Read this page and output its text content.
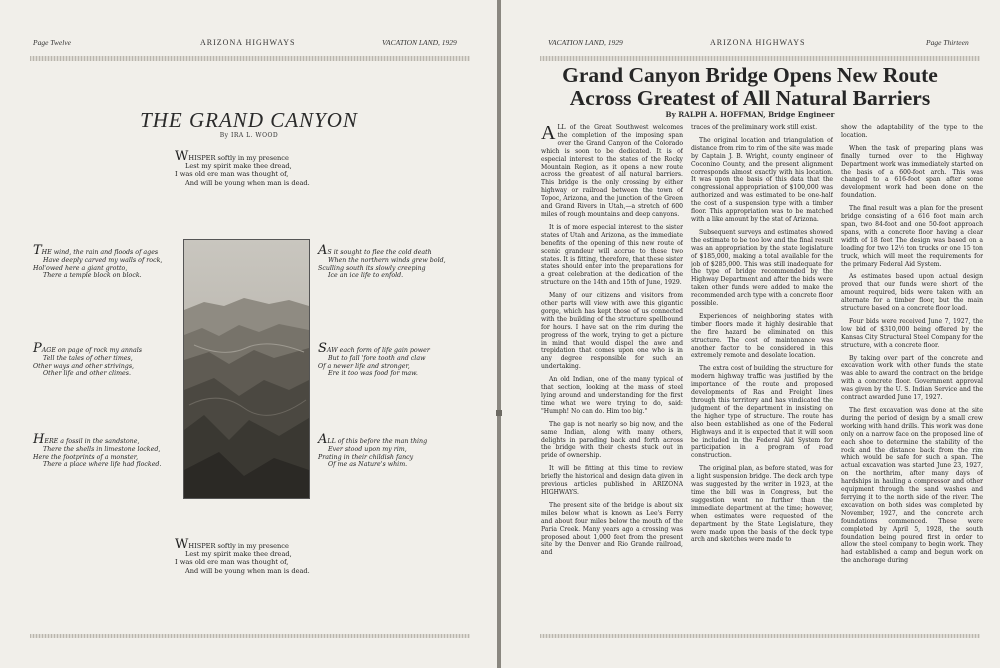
Page Twelve	ARIZONA HIGHWAYS	VACATION LAND, 1929
THE GRAND CANYON
By IRA L. WOOD
WHISPER softly in my presence
Lest my spirit make thee dread,
I was old ere man was thought of,
And will be young when man is dead.
THE wind, the rain and floods of ages
Have deeply carved my walls of rock,
Hol'owed here a giant grotto,
There a temple block on block.
AS it sought to flee the cold death
When the northern winds grew bold,
Sculling south its slowly creeping
Ice an ice life to enfold.
PAGE on page of rock my annals
Tell the tales of other times,
Other ways and other strivings,
Other life and other climes.
SAW each form of life gain power
But to fall 'fore tooth and claw
Of a newer life and stronger,
Ere it too was food for maw.
HERE a fossil in the sandstone,
There the shells in limestone locked,
Here the footprints of a monster,
There a place where life had flocked.
ALL of this before the man thing
Ever stood upon my rim,
Prating in their childish fancy
Of me as Nature's whim.
WHISPER softly in my presence
Lest my spirit make thee dread,
I was old ere man was thought of,
And will be young when man is dead.
VACATION LAND, 1929	ARIZONA HIGHWAYS	Page Thirteen
Grand Canyon Bridge Opens New Route
Across Greatest of All Natural Barriers
By RALPH A. HOFFMAN, Bridge Engineer

ALL of the Great Southwest welcomes the completion of the imposing span over the Grand Canyon of the Colorado which is soon to be dedicated. It is of especial interest to the states of the Rocky Mountain Region, as it opens a new route across the greatest of all natural barriers. This bridge is the only crossing by either highway or railroad between the town of Topoc, Arizona, and the junction of the Green and Grand Rivers in Utah,—a stretch of 600 miles of rough mountains and deep canyons.

It is of more especial interest to the sister states of Utah and Arizona, as the immediate benefits of the opening of this new route of scenic grandeur will accrue to these two states. It is fitting, therefore, that these sister states should enter into the preparations for a great celebration at the dedication of the structure on the 14th and 15th of June, 1929.

Many of our citizens and visitors from other parts will view with awe this gigantic gorge, which has kept those of us connected with the building of the structure spellbound for hours. I have sat on the rim during the progress of the work, trying to get a picture in mind that would dispel the awe and trepidation that comes upon one who is in any degree responsible for such an undertaking.

An old Indian, one of the many typical of that section, looking at the mass of steel lying around and understanding for the first time what we were trying to do, said: "Humph! No can do. Him too big."

The gap is not nearly so big now, and the same Indian, along with many others, delights in parading back and forth across the bridge with their chests stuck out in pride of ownership.

It will be fitting at this time to review briefly the historical and design data given in previous articles published in ARIZONA HIGHWAYS.

The present site of the bridge is about six miles below what is known as Lee's Ferry and about four miles below the mouth of the Paria Creek. Many years ago a crossing was proposed about 1,000 feet from the present site by the Denver and Rio Grande railroad, and

traces of the preliminary work still exist.

The original location and triangulation of distance from rim to rim of the site was made by Captain J. B. Wright, county engineer of Coconino County, and the present alignment corresponds almost exactly with his location. It was upon the basis of this data that the congressional appropriation of $100,000 was authorized and was estimated to be one-half the cost of a suspension type with a timber floor. This appropriation was to be matched with a like amount by the stat of Arizona.

Subsequent surveys and estimates showed the estimate to be too low and the final result was an appropriation by the state legislature of $185,000, making a total available for the job of $285,000. This was still inadequate for the type of bridge recommended by the Highway Department and after the bids were taken other funds were added to make the recommended arch type with a concrete floor possible.

Experiences of neighboring states with timber floors made it highly desirable that the fire hazard be eliminated on this structure. The cost of maintenance was another factor to be considered in this extremely remote and desolate location.

The extra cost of building the structure for modern highway traffic was justified by the importance of the route and proposed developments of Ras and Freight lines through this territory and has vindicated the judgment of the department in insisting on the higher type of structure. The route has also been established as one of the Federal Highways and it is expected that it will soon be included in the Federal Aid System for participation in a program of road construction.

The original plan, as before stated, was for a light suspension bridge. The deck arch type was suggested by the writer in 1923, at the time the bill was in Congress, but the suggestion went no further than the immediate department at the time; however, when estimates were requested of the department by the State Legislature, they were made upon the basis of the deck type arch and sketches were made to

show the adaptability of the type to the location.

When the task of preparing plans was finally turned over to the Highway Department work was immediately started on the basis of a 600-foot arch. This was changed to a 616-foot span after some development work had been done on the foundation.

The final result was a plan for the present bridge consisting of a 616 foot main arch span, two 84-foot and one 50-foot approach spans, with a concrete floor having a clear width of 18 feet The design was based on a loading for two 12½ ton trucks or one 15 ton truck, which will meet the requirements for the primary Federal Aid System.

As estimates based upon actual design proved that our funds were short of the amount required, bids were taken with an alternate for a timber floor, but the main structure based on a concrete floor load.

Four bids were received June 7, 1927, the low bid of $310,000 being offered by the Kansas City Structural Steel Company for the structure, with a concrete floor.

By taking over part of the concrete and excavation work with other funds the state was able to award the contract on the bridge with a concrete floor. Government approval was given by the U. S. Indian Service and the contract awarded June 17, 1927.

The first excavation was done at the site during the period of design by a small crew working with hand drills. This work was done only on a narrow face on the proposed line of each shoe to determine the stability of the rock and the distance back from the rim which would be safe for such a span. The actual excavation was started June 23, 1927, on the northrim, after many days of hardships in hauling a compressor and other equipment through the sand washes and ferrying it to the north side of the river. The excavation on both sides was completed by November, 1927, and the concrete arch foundations commenced. These were completed by April 5, 1928, the south foundation being poured first in order to allow the steel company to begin work. They had established a camp and begun work on the anchorage during
